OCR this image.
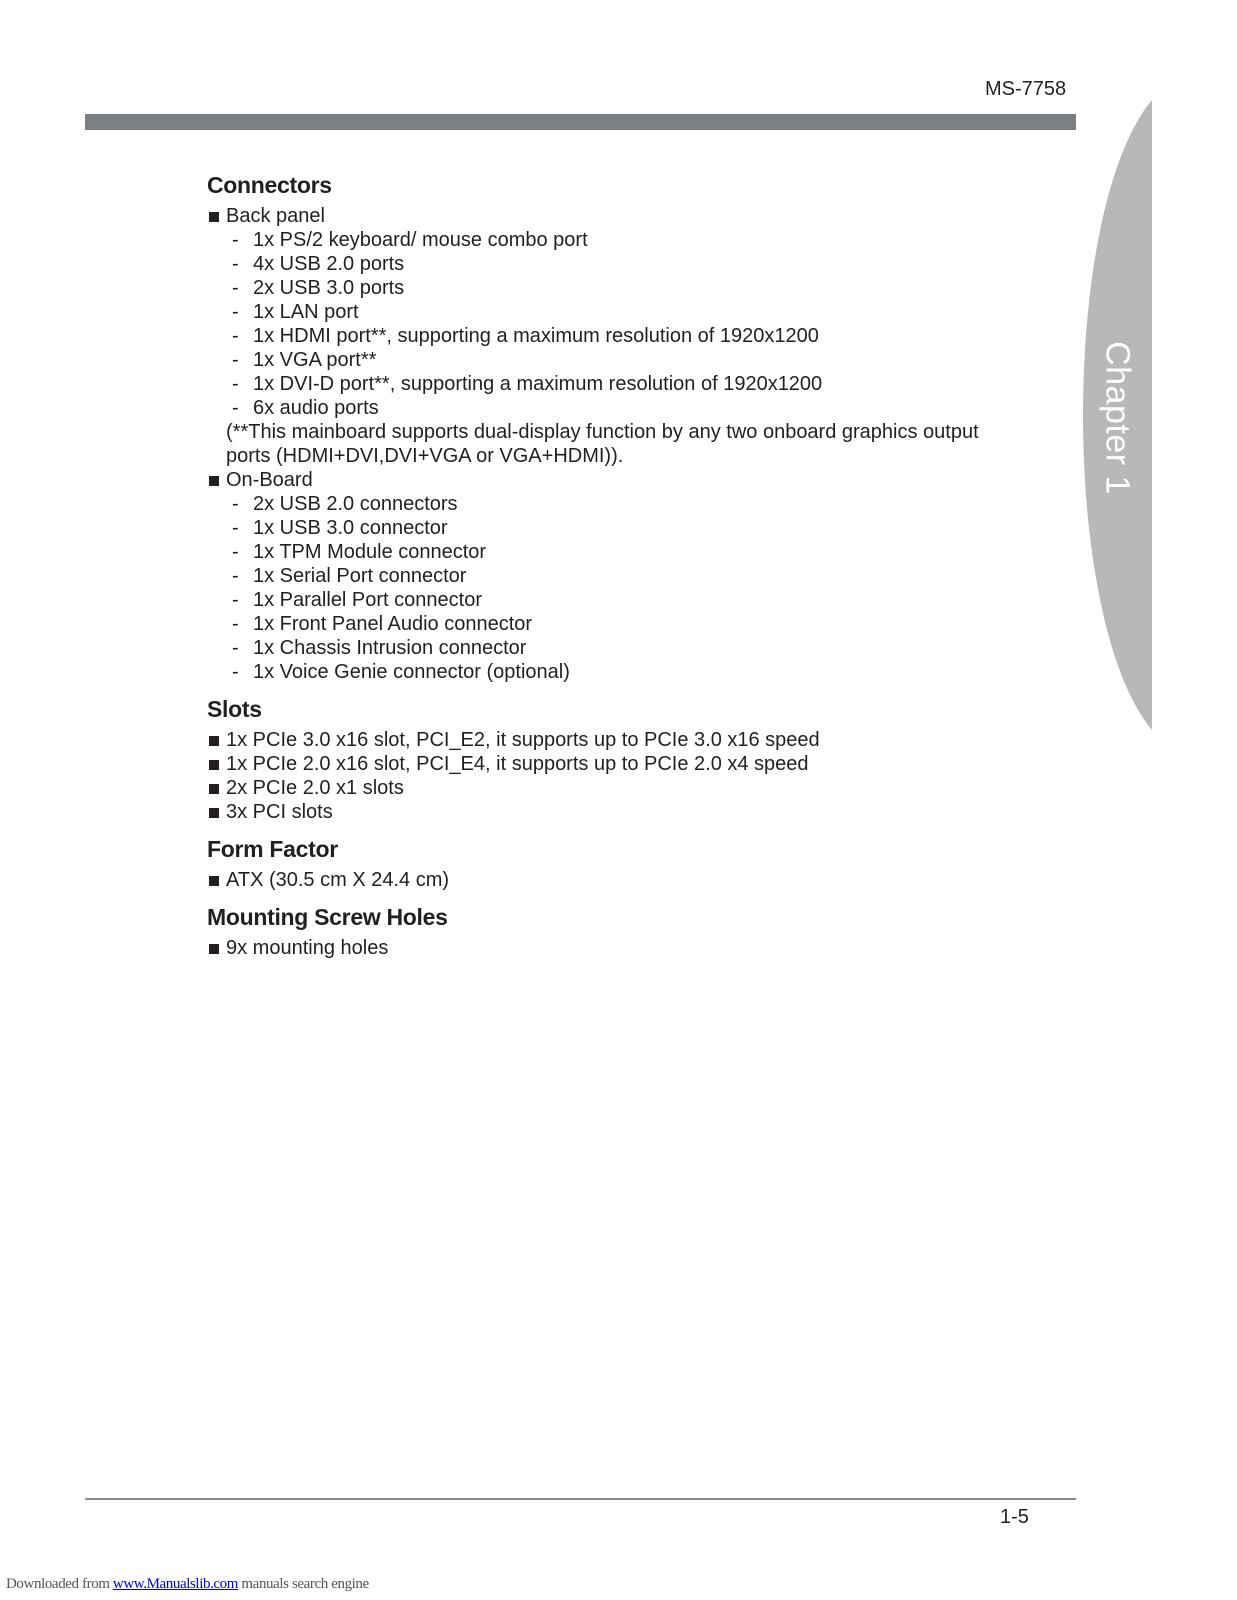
MS-7758
Chapter 1
Connectors
Back panel
- 1x PS/2 keyboard/ mouse combo port
- 4x USB 2.0 ports
- 2x USB 3.0 ports
- 1x LAN port
- 1x HDMI port**, supporting a maximum resolution of 1920x1200
- 1x VGA port**
- 1x DVI-D port**, supporting a maximum resolution of 1920x1200
- 6x audio ports
(**This mainboard supports dual-display function by any two onboard graphics output
ports (HDMI+DVI,DVI+VGA or VGA+HDMI)).
On-Board
- 2x USB 2.0 connectors
- 1x USB 3.0 connector
- 1x TPM Module connector
- 1x Serial Port connector
- 1x Parallel Port connector
- 1x Front Panel Audio connector
- 1x Chassis Intrusion connector
- 1x Voice Genie connector (optional)
Slots
1x PCIe 3.0 x16 slot, PCI_E2, it supports up to PCIe 3.0 x16 speed
1x PCIe 2.0 x16 slot, PCI_E4, it supports up to PCIe 2.0 x4 speed
2x PCIe 2.0 x1 slots
3x PCI slots
Form Factor
ATX (30.5 cm X 24.4 cm)
Mounting Screw Holes
9x mounting holes
1-5
Downloaded from www.Manualslib.com manuals search engine
